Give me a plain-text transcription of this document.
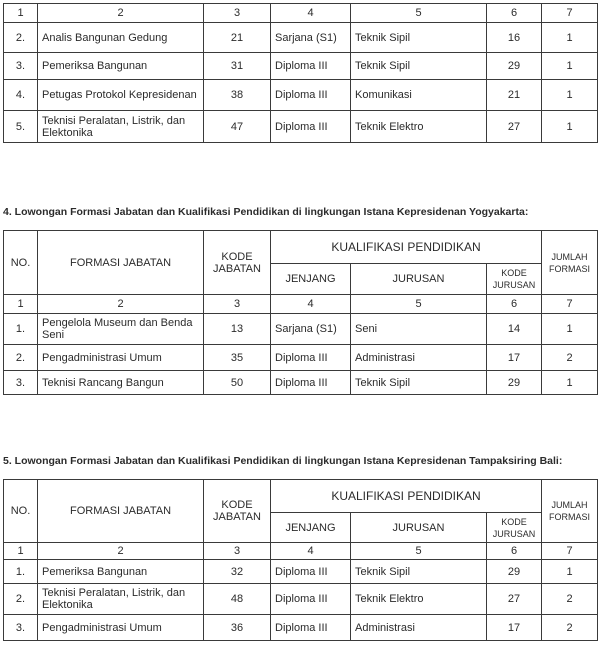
1	2	3	4	5	6	7
2.	Analis Bangunan Gedung	21	Sarjana (S1)	Teknik Sipil	16	1
3.	Pemeriksa Bangunan	31	Diploma III	Teknik Sipil	29	1
4.	Petugas Protokol Kepresidenan	38	Diploma III	Komunikasi	21	1
5.	Teknisi Peralatan, Listrik, dan Elektonika	47	Diploma III	Teknik Elektro	27	1
4. Lowongan Formasi Jabatan dan Kualifikasi Pendidikan di lingkungan Istana Kepresidenan Yogyakarta:
NO.	FORMASI JABATAN	KODE JABATAN	KUALIFIKASI PENDIDIKAN			JUMLAH FORMASI
			JENJANG	JURUSAN	KODE JURUSAN	
1	2	3	4	5	6	7
1.	Pengelola Museum dan Benda Seni	13	Sarjana (S1)	Seni	14	1
2.	Pengadministrasi Umum	35	Diploma III	Administrasi	17	2
3.	Teknisi Rancang Bangun	50	Diploma III	Teknik Sipil	29	1
5. Lowongan Formasi Jabatan dan Kualifikasi Pendidikan di lingkungan Istana Kepresidenan Tampaksiring Bali:
NO.	FORMASI JABATAN	KODE JABATAN	KUALIFIKASI PENDIDIKAN			JUMLAH FORMASI
			JENJANG	JURUSAN	KODE JURUSAN	
1	2	3	4	5	6	7
1.	Pemeriksa Bangunan	32	Diploma III	Teknik Sipil	29	1
2.	Teknisi Peralatan, Listrik, dan Elektonika	48	Diploma III	Teknik Elektro	27	2
3.	Pengadministrasi Umum	36	Diploma III	Administrasi	17	2
